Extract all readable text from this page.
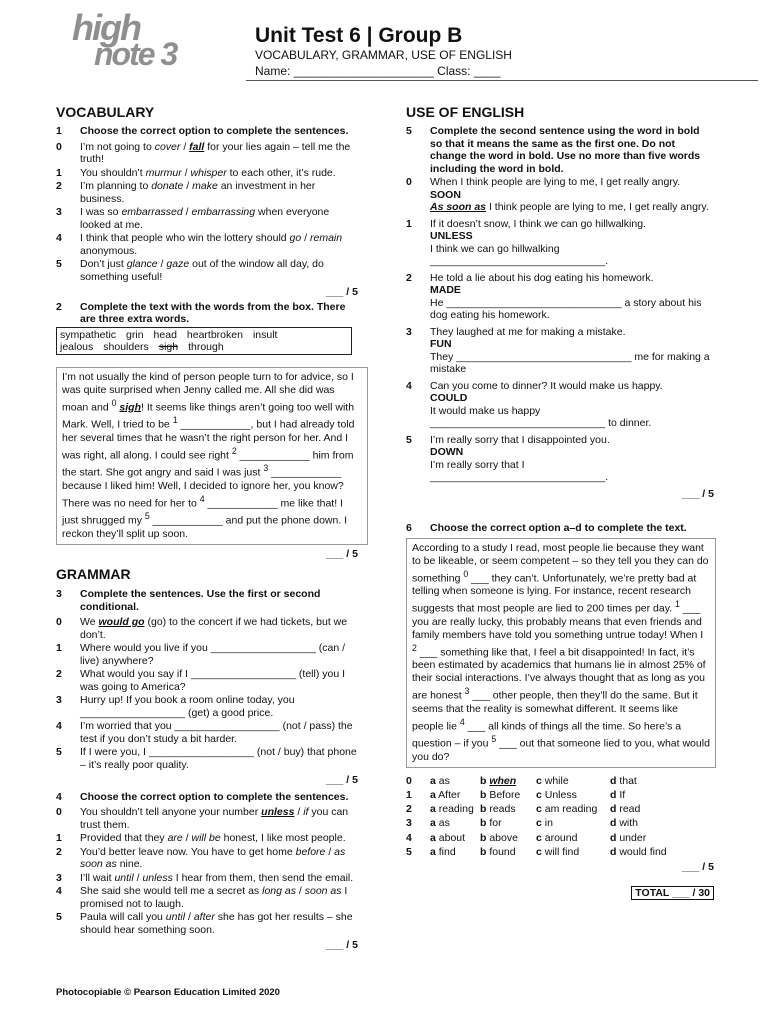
high
note 3
Unit Test 6 | Group B
VOCABULARY, GRAMMAR, USE OF ENGLISH
Name: _____________________ Class: ____
VOCABULARY
1 Choose the correct option to complete the sentences.
0 I’m not going to cover / fall for your lies again – tell me the truth!
1 You shouldn’t murmur / whisper to each other, it’s rude.
2 I’m planning to donate / make an investment in her business.
3 I was so embarrassed / embarrassing when everyone looked at me.
4 I think that people who win the lottery should go / remain anonymous.
5 Don’t just glance / gaze out of the window all day, do something useful!
___ / 5
2 Complete the text with the words from the box. There are three extra words.
sympathetic grin head heartbroken insult
jealous shoulders sigh through
I’m not usually the kind of person people turn to for advice, so I was quite surprised when Jenny called me. All she did was moan and $^0$ sigh! It seems like things aren’t going too well with Mark. Well, I tried to be $^1$ ____________, but I had already told her several times that he wasn’t the right person for her. And I was right, all along. I could see right $^2$ ____________ him from the start. She got angry and said I was just $^3$ ____________ because I liked him! Well, I decided to ignore her, you know? There was no need for her to $^4$ ____________ me like that! I just shrugged my $^5$ ____________ and put the phone down. I reckon they’ll split up soon.
___ / 5
GRAMMAR
3 Complete the sentences. Use the first or second conditional.
0 We would go (go) to the concert if we had tickets, but we don’t.
1 Where would you live if you __________________ (can / live) anywhere?
2 What would you say if I __________________ (tell) you I was going to America?
3 Hurry up! If you book a room online today, you __________________ (get) a good price.
4 I’m worried that you __________________ (not / pass) the test if you don’t study a bit harder.
5 If I were you, I __________________ (not / buy) that phone – it’s really poor quality.
___ / 5
4 Choose the correct option to complete the sentences.
0 You shouldn’t tell anyone your number unless / if you can trust them.
1 Provided that they are / will be honest, I like most people.
2 You’d better leave now. You have to get home before / as soon as nine.
3 I’ll wait until / unless I hear from them, then send the email.
4 She said she would tell me a secret as long as / soon as I promised not to laugh.
5 Paula will call you until / after she has got her results – she should hear something soon.
___ / 5
USE OF ENGLISH
5 Complete the second sentence using the word in bold so that it means the same as the first one. Do not change the word in bold. Use no more than five words including the word in bold.
0 When I think people are lying to me, I get really angry.
SOON
As soon as I think people are lying to me, I get really angry.
1 If it doesn’t snow, I think we can go hillwalking.
UNLESS
I think we can go hillwalking
______________________________.
2 He told a lie about his dog eating his homework.
MADE
He ______________________________ a story about his dog eating his homework.
3 They laughed at me for making a mistake.
FUN
They ______________________________ me for making a mistake
4 Can you come to dinner? It would make us happy.
COULD
It would make us happy
______________________________ to dinner.
5 I’m really sorry that I disappointed you.
DOWN
I’m really sorry that I
______________________________.
___ / 5
6 Choose the correct option a–d to complete the text.
According to a study I read, most people lie because they want to be likeable, or seem competent – so they tell you they can do something $^0$ ___ they can’t. Unfortunately, we’re pretty bad at telling when someone is lying. For instance, recent research suggests that most people are lied to 200 times per day. $^1$ ___ you are really lucky, this probably means that even friends and family members have told you something untrue today! When I $^2$ ___ something like that, I feel a bit disappointed! In fact, it’s been estimated by academics that humans lie in almost 25% of their social interactions. I’ve always thought that as long as you are honest $^3$ ___ other people, then they’ll do the same. But it seems that the reality is somewhat different. It seems like people lie $^4$ ___ all kinds of things all the time. So here’s a question – if you $^5$ ___ out that someone lied to you, what would you do?
0	a as	b when	c while	d that
1	a After	b Before	c Unless	d If
2	a reading b reads	c am reading	d read
3	a as	b for	c in	d with
4	a about	b above	c around	d under
5	a find	b found	c will find	d would find
___ / 5
TOTAL ___ / 30
Photocopiable © Pearson Education Limited 2020
